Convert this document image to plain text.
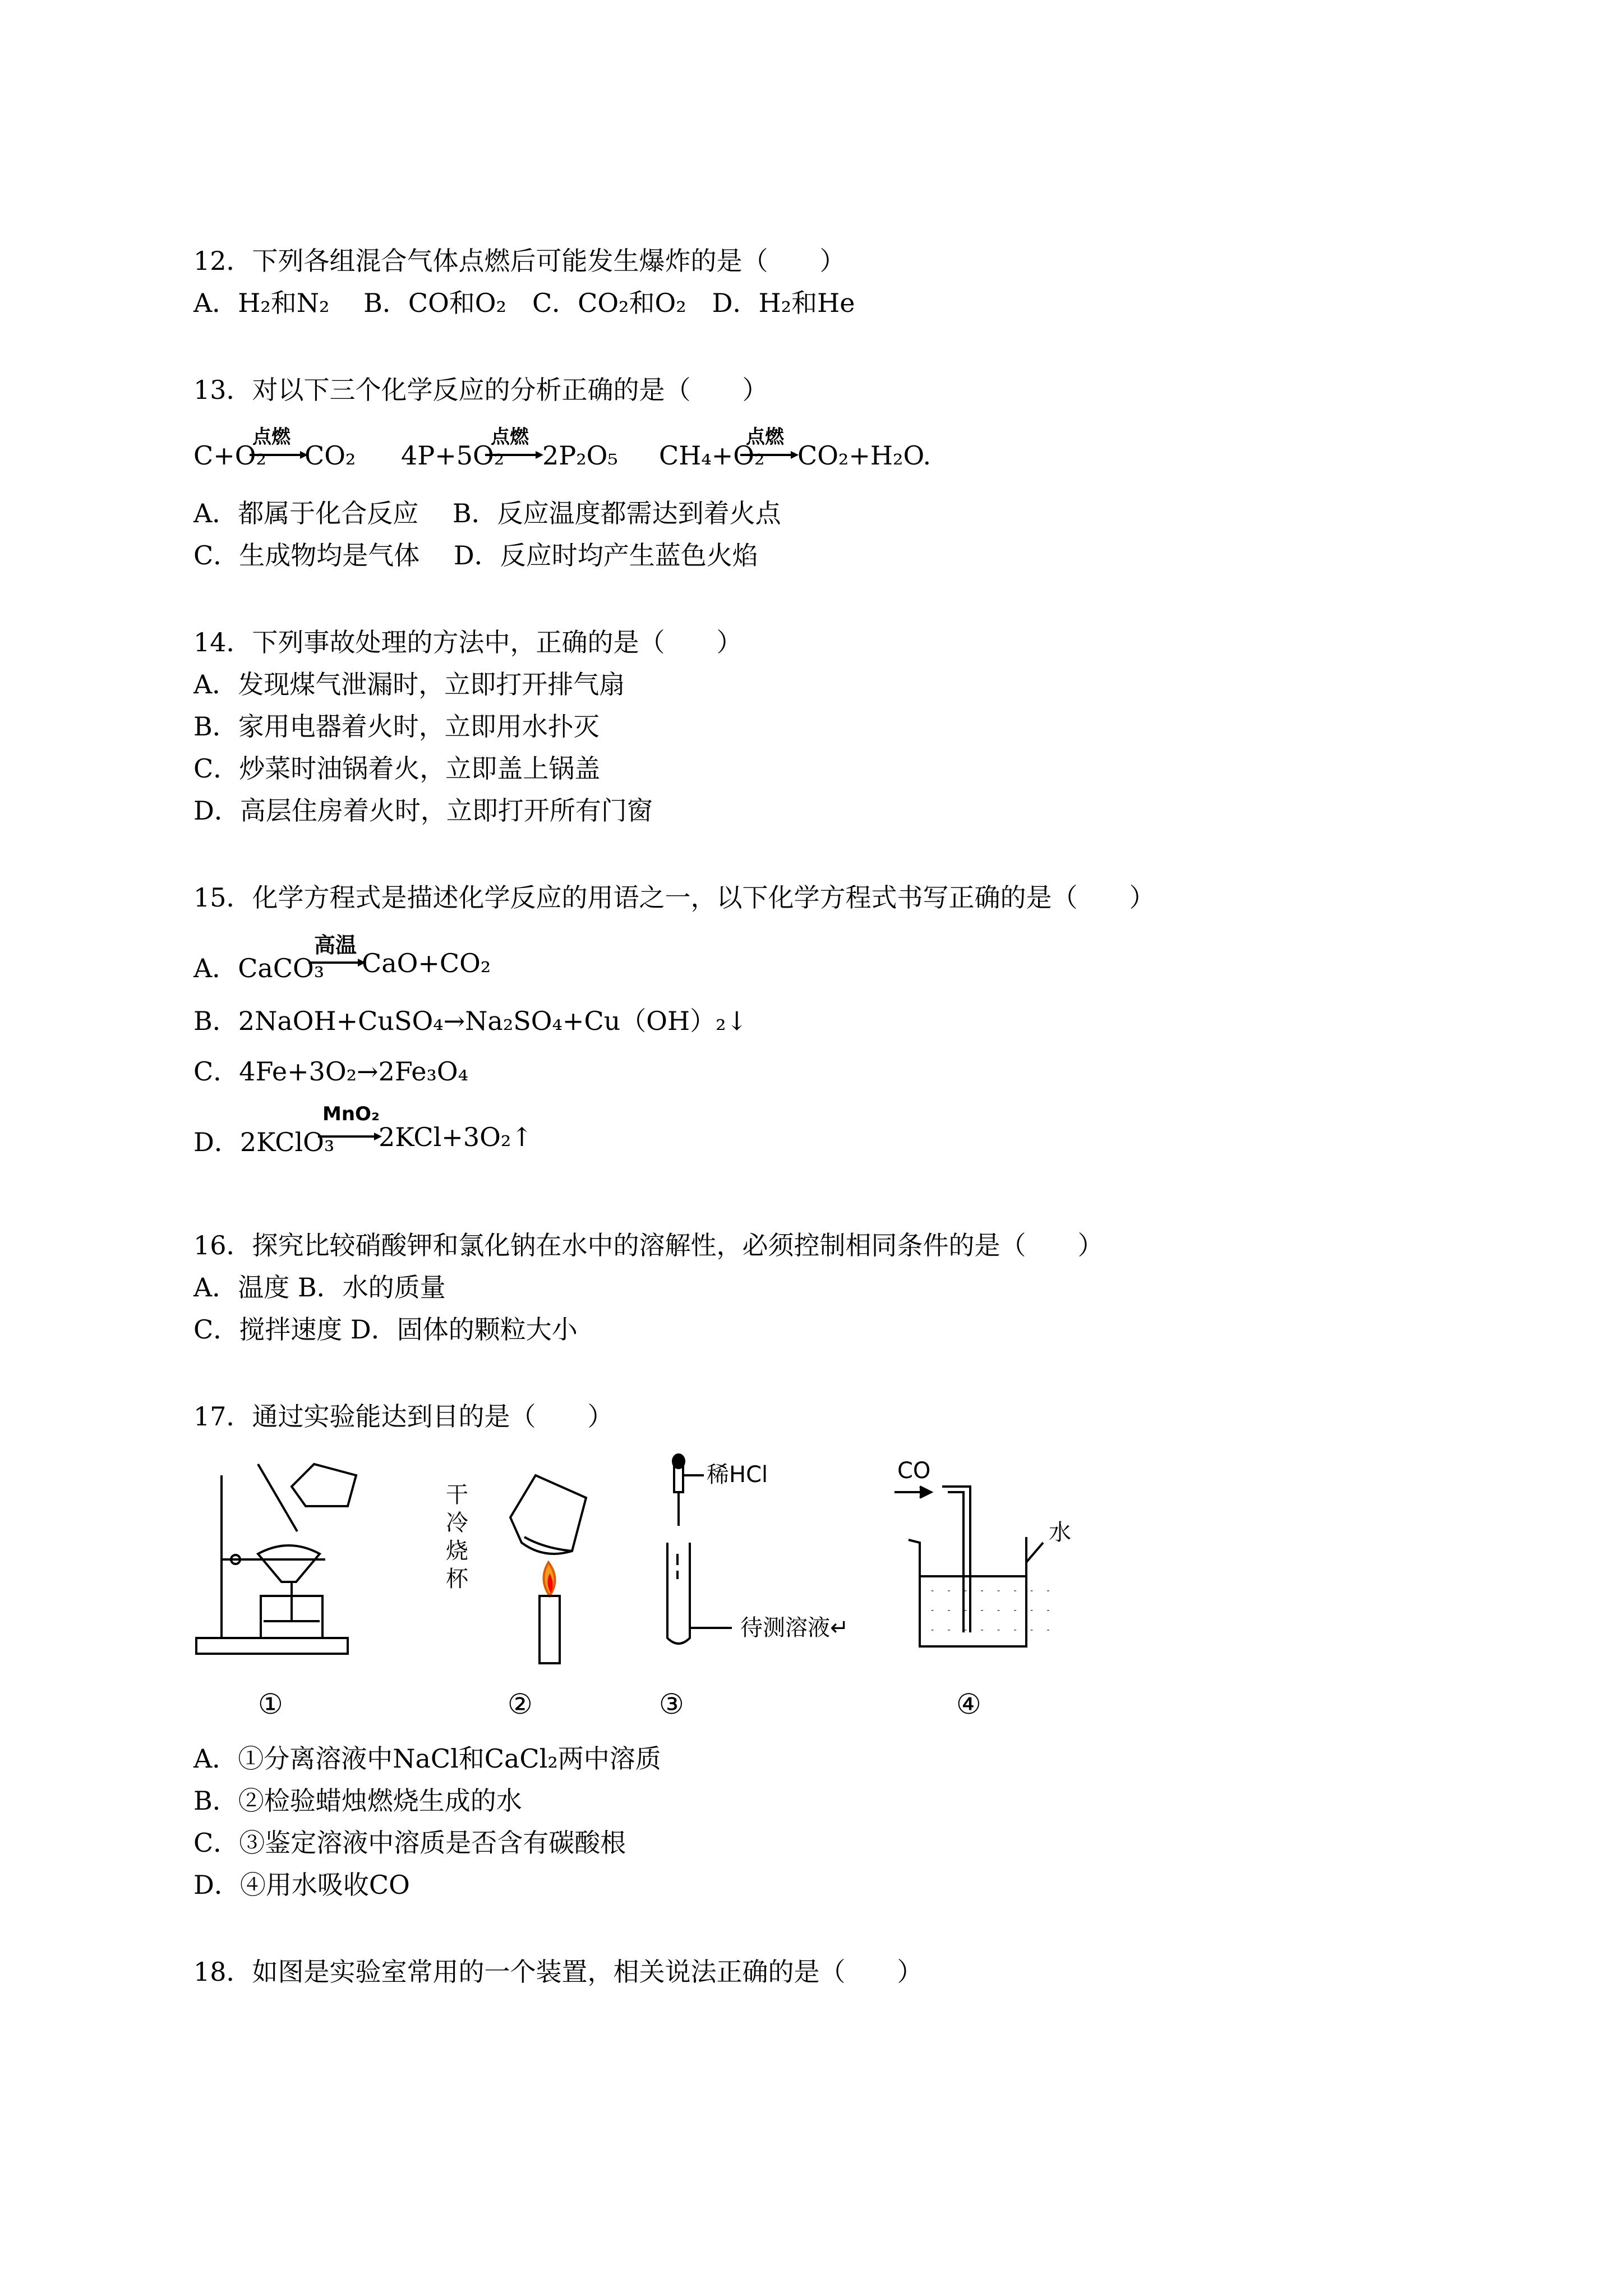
12．下列各组混合气体点燃后可能发生爆炸的是（　　）
A．H₂和N₂　 B．CO和O₂　C．CO₂和O₂　D．H₂和He
13．对以下三个化学反应的分析正确的是（　　）
C+O₂
点燃
CO₂ 4P+5O₂
点燃
2P₂O₅ CH₄+O₂
点燃
CO₂+H₂O.
A．都属于化合反应　 B．反应温度都需达到着火点
C．生成物均是气体　 D．反应时均产生蓝色火焰
14．下列事故处理的方法中，正确的是（　　）
A．发现煤气泄漏时，立即打开排气扇
B．家用电器着火时，立即用水扑灭
C．炒菜时油锅着火，立即盖上锅盖
D．高层住房着火时，立即打开所有门窗
15．化学方程式是描述化学反应的用语之一，以下化学方程式书写正确的是（　　）
A．CaCO₃
高温
CaO+CO₂
B．2NaOH+CuSO₄→Na₂SO₄+Cu（OH）₂↓
C．4Fe+3O₂→2Fe₃O₄
D．2KClO₃
MnO₂
2KCl+3O₂↑
16．探究比较硝酸钾和氯化钠在水中的溶解性，必须控制相同条件的是（　　）
A．温度 B．水的质量
C．搅拌速度 D．固体的颗粒大小
17．通过实验能达到目的是（　　）
- - - - - - - -
- - - - - - - -
- - - - - - - -
稀HCl
待测溶液↵
CO
水
①	②	③	④
干冷烧杯
A．①分离溶液中NaCl和CaCl₂两中溶质
B．②检验蜡烛燃烧生成的水
C．③鉴定溶液中溶质是否含有碳酸根
D．④用水吸收CO
18．如图是实验室常用的一个装置，相关说法正确的是（　　）
